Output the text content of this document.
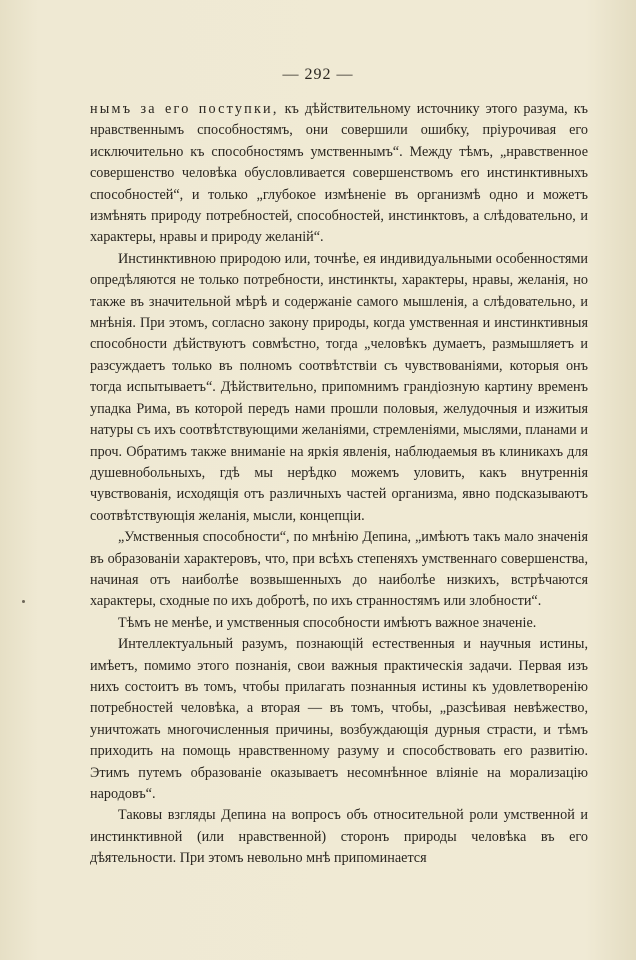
— 292 —

нымъ за его поступки, къ дѣйствительному источнику этого разума, къ нравственнымъ способностямъ, они совершили ошибку, пріурочивая его исключительно къ способностямъ умственнымъ“. Между тѣмъ, „нравственное совершенство человѣка обусловливается совершенствомъ его инстинктивныхъ способностей“, и только „глубокое измѣненіе въ организмѣ одно и можетъ измѣнять природу потребностей, способностей, инстинктовъ, а слѣдовательно, и характеры, нравы и природу желаній“.

Инстинктивною природою или, точнѣе, ея индивидуальными особенностями опредѣляются не только потребности, инстинкты, характеры, нравы, желанія, но также въ значительной мѣрѣ и содержаніе самого мышленія, а слѣдовательно, и мнѣнія. При этомъ, согласно закону природы, когда умственная и инстинктивныя способности дѣйствуютъ совмѣстно, тогда „человѣкъ думаетъ, размышляетъ и разсуждаетъ только въ полномъ соотвѣтствіи съ чувствованіями, которыя онъ тогда испытываетъ“. Дѣйствительно, припомнимъ грандіозную картину временъ упадка Рима, въ которой передъ нами прошли половыя, желудочныя и изжитыя натуры съ ихъ соотвѣтствующими желаніями, стремленіями, мыслями, планами и проч. Обратимъ также вниманіе на яркія явленія, наблюдаемыя въ клиникахъ для душевнобольныхъ, гдѣ мы нерѣдко можемъ уловить, какъ внутреннія чувствованія, исходящія отъ различныхъ частей организма, явно подсказываютъ соотвѣтствующія желанія, мысли, концепціи.

„Умственныя способности“, по мнѣнію Депина, „имѣютъ такъ мало значенія въ образованіи характеровъ, что, при всѣхъ степеняхъ умственнаго совершенства, начиная отъ наиболѣе возвышенныхъ до наиболѣе низкихъ, встрѣчаются характеры, сходные по ихъ добротѣ, по ихъ странностямъ или злобности“.

Тѣмъ не менѣе, и умственныя способности имѣютъ важное значеніе.

Интеллектуальный разумъ, познающій естественныя и научныя истины, имѣетъ, помимо этого познанія, свои важныя практическія задачи. Первая изъ нихъ состоитъ въ томъ, чтобы прилагать познанныя истины къ удовлетворенію потребностей человѣка, а вторая — въ томъ, чтобы, „разсѣивая невѣжество, уничтожать многочисленныя причины, возбуждающія дурныя страсти, и тѣмъ приходить на помощь нравственному разуму и способствовать его развитію. Этимъ путемъ образованіе оказываетъ несомнѣнное вліяніе на морализацію народовъ“.

Таковы взгляды Депина на вопросъ объ относительной роли умственной и инстинктивной (или нравственной) сторонъ природы человѣка въ его дѣятельности. При этомъ невольно мнѣ припоминается
